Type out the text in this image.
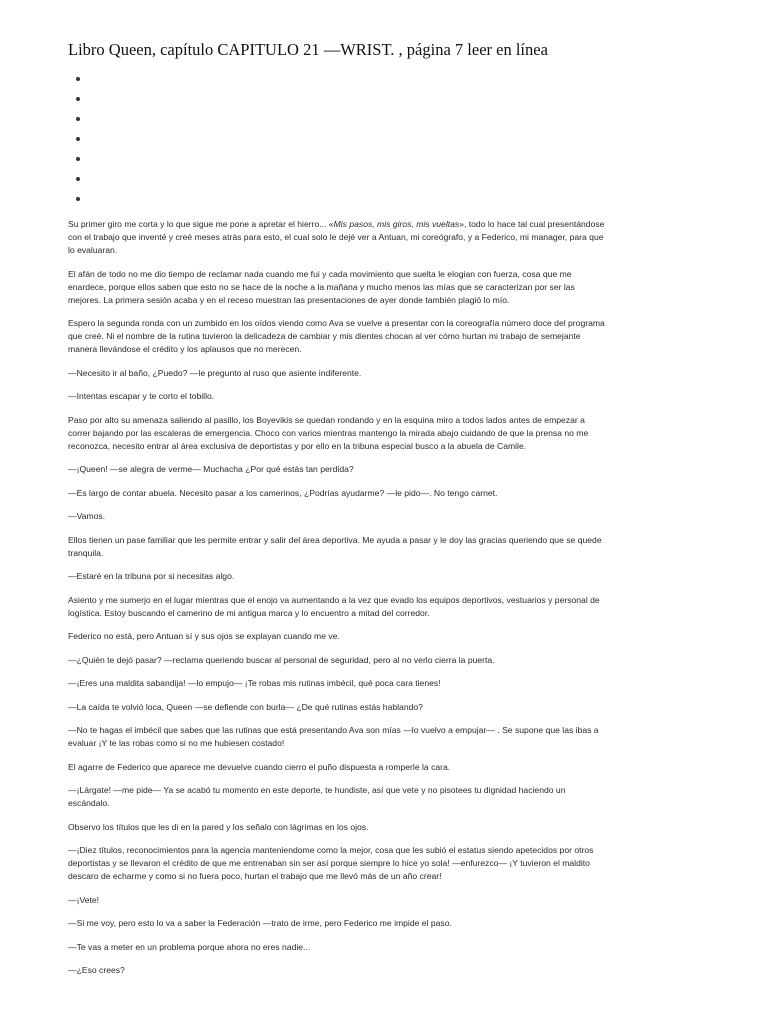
Libro Queen, capítulo CAPITULO 21 —WRIST. , página 7 leer en línea

Su primer giro me corta y lo que sigue me pone a apretar el hierro... «Mis pasos, mis giros, mis vueltas», todo lo hace tal cual presentándose con el trabajo que inventé y creé meses atrás para esto, el cual solo le dejé ver a Antuan, mi coreógrafo, y a Federico, mi manager, para que lo evaluaran.

El afán de todo no me dio tiempo de reclamar nada cuando me fui y cada movimiento que suelta le elogian con fuerza, cosa que me enardece, porque ellos saben que esto no se hace de la noche a la mañana y mucho menos las mías que se caracterizan por ser las mejores. La primera sesión acaba y en el receso muestran las presentaciones de ayer donde también plagió lo mío.

Espero la segunda ronda con un zumbido en los oídos viendo como Ava se vuelve a presentar con la coreografía número doce del programa que creé. Ni el nombre de la rutina tuvieron la delicadeza de cambiar y mis dientes chocan al ver cómo hurtan mi trabajo de semejante manera llevándose el crédito y los aplausos que no merecen.

—Necesito ir al baño, ¿Puedo? —le pregunto al ruso que asiente indiferente.

—Intentas escapar y te corto el tobillo.

Paso por alto su amenaza saliendo al pasillo, los Boyevikis se quedan rondando y en la esquina miro a todos lados antes de empezar a correr bajando por las escaleras de emergencia. Choco con varios mientras mantengo la mirada abajo cuidando de que la prensa no me reconozca, necesito entrar al área exclusiva de deportistas y por ello en la tribuna especial busco a la abuela de Camile.

—¡Queen! —se alegra de verme— Muchacha ¿Por qué estás tan perdida?

—Es largo de contar abuela. Necesito pasar a los camerinos, ¿Podrías ayudarme? —le pido—. No tengo carnet.

—Vamos.

Ellos tienen un pase familiar que les permite entrar y salir del área deportiva. Me ayuda a pasar y le doy las gracias queriendo que se quede tranquila.

—Estaré en la tribuna por si necesitas algo.

Asiento y me sumerjo en el lugar mientras que el enojo va aumentando a la vez que evado los equipos deportivos, vestuarios y personal de logística. Estoy buscando el camerino de mi antigua marca y lo encuentro a mitad del corredor.

Federico no está, pero Antuan sí y sus ojos se explayan cuando me ve.

—¿Quién te dejó pasar? —reclama queriendo buscar al personal de seguridad, pero al no verlo cierra la puerta.

—¡Eres una maldita sabandija! —lo empujo— ¡Te robas mis rutinas imbécil, qué poca cara tienes!

—La caída te volvió loca, Queen —se defiende con burla— ¿De qué rutinas estás hablando?

—No te hagas el imbécil que sabes que las rutinas que está presentando Ava son mías —lo vuelvo a empujar— . Se supone que las ibas a evaluar ¡Y te las robas como si no me hubiesen costado!

El agarre de Federico que aparece me devuelve cuando cierro el puño dispuesta a romperle la cara.

—¡Lárgate! —me pide— Ya se acabó tu momento en este deporte, te hundiste, así que vete y no pisotees tu dignidad haciendo un escándalo.

Observo los títulos que les di en la pared y los señalo con lágrimas en los ojos.

—¡Diez títulos, reconocimientos para la agencia manteniendome como la mejor, cosa que les subió el estatus siendo apetecidos por otros deportistas y se llevaron el crédito de que me entrenaban sin ser así porque siempre lo hice yo sola! —enfurezco— ¡Y tuvieron el maldito descaro de echarme y como si no fuera poco, hurtan el trabajo que me llevó más de un año crear!

—¡Vete!

—Si me voy, pero esto lo va a saber la Federación —trato de irme, pero Federico me impide el paso.

—Te vas a meter en un problema porque ahora no eres nadie...

—¿Eso crees?
